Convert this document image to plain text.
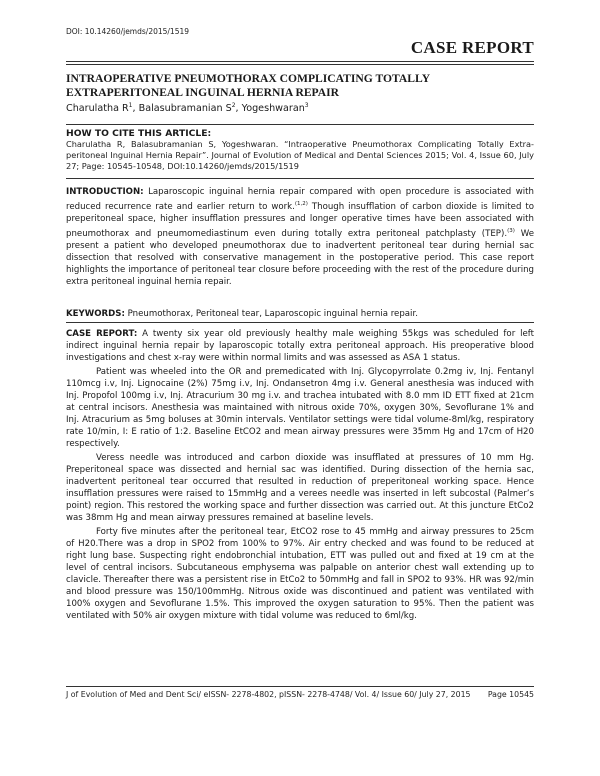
DOI: 10.14260/jemds/2015/1519
CASE REPORT
INTRAOPERATIVE PNEUMOTHORAX COMPLICATING TOTALLY EXTRAPERITONEAL INGUINAL HERNIA REPAIR
Charulatha $R^1$, Balasubramanian $S^2$, Yogeshwaran$^3$
HOW TO CITE THIS ARTICLE:
Charulatha R, Balasubramanian S, Yogeshwaran. “Intraoperative Pneumothorax Complicating Totally Extra-peritoneal Inguinal Hernia Repair”. Journal of Evolution of Medical and Dental Sciences 2015; Vol. 4, Issue 60, July 27; Page: 10545-10548, DOI:10.14260/jemds/2015/1519
INTRODUCTION: Laparoscopic inguinal hernia repair compared with open procedure is associated with reduced recurrence rate and earlier return to work.$^{(1,2)}$ Though insufflation of carbon dioxide is limited to preperitoneal space, higher insufflation pressures and longer operative times have been associated with pneumothorax and pneumomediastinum even during totally extra peritoneal patchplasty (TEP).$^{(3)}$ We present a patient who developed pneumothorax due to inadvertent peritoneal tear during hernial sac dissection that resolved with conservative management in the postoperative period. This case report highlights the importance of peritoneal tear closure before proceeding with the rest of the procedure during extra peritoneal inguinal hernia repair.
KEYWORDS: Pneumothorax, Peritoneal tear, Laparoscopic inguinal hernia repair.

CASE REPORT: A twenty six year old previously healthy male weighing 55kgs was scheduled for left indirect inguinal hernia repair by laparoscopic totally extra peritoneal approach. His preoperative blood investigations and chest x-ray were within normal limits and was assessed as ASA 1 status.

Patient was wheeled into the OR and premedicated with Inj. Glycopyrrolate 0.2mg iv, Inj. Fentanyl 110mcg i.v, Inj. Lignocaine (2%) 75mg i.v, Inj. Ondansetron 4mg i.v. General anesthesia was induced with Inj. Propofol 100mg i.v, Inj. Atracurium 30 mg i.v. and trachea intubated with 8.0 mm ID ETT fixed at 21cm at central incisors. Anesthesia was maintained with nitrous oxide 70%, oxygen 30%, Sevoflurane 1% and Inj. Atracurium as 5mg boluses at 30min intervals. Ventilator settings were tidal volume-8ml/kg, respiratory rate 10/min, I: E ratio of 1:2. Baseline EtCO2 and mean airway pressures were 35mm Hg and 17cm of H20 respectively.

Veress needle was introduced and carbon dioxide was insufflated at pressures of 10 mm Hg. Preperitoneal space was dissected and hernial sac was identified. During dissection of the hernia sac, inadvertent peritoneal tear occurred that resulted in reduction of preperitoneal working space. Hence insufflation pressures were raised to 15mmHg and a verees needle was inserted in left subcostal (Palmer’s point) region. This restored the working space and further dissection was carried out. At this juncture EtCo2 was 38mm Hg and mean airway pressures remained at baseline levels.

Forty five minutes after the peritoneal tear, EtCO2 rose to 45 mmHg and airway pressures to 25cm of H20.There was a drop in SPO2 from 100% to 97%. Air entry checked and was found to be reduced at right lung base. Suspecting right endobronchial intubation, ETT was pulled out and fixed at 19 cm at the level of central incisors. Subcutaneous emphysema was palpable on anterior chest wall extending up to clavicle. Thereafter there was a persistent rise in EtCo2 to 50mmHg and fall in SPO2 to 93%. HR was 92/min and blood pressure was 150/100mmHg. Nitrous oxide was discontinued and patient was ventilated with 100% oxygen and Sevoflurane 1.5%. This improved the oxygen saturation to 95%. Then the patient was ventilated with 50% air oxygen mixture with tidal volume was reduced to 6ml/kg.

J of Evolution of Med and Dent Sci/ eISSN- 2278-4802, pISSN- 2278-4748/ Vol. 4/ Issue 60/ July 27, 2015 Page 10545
